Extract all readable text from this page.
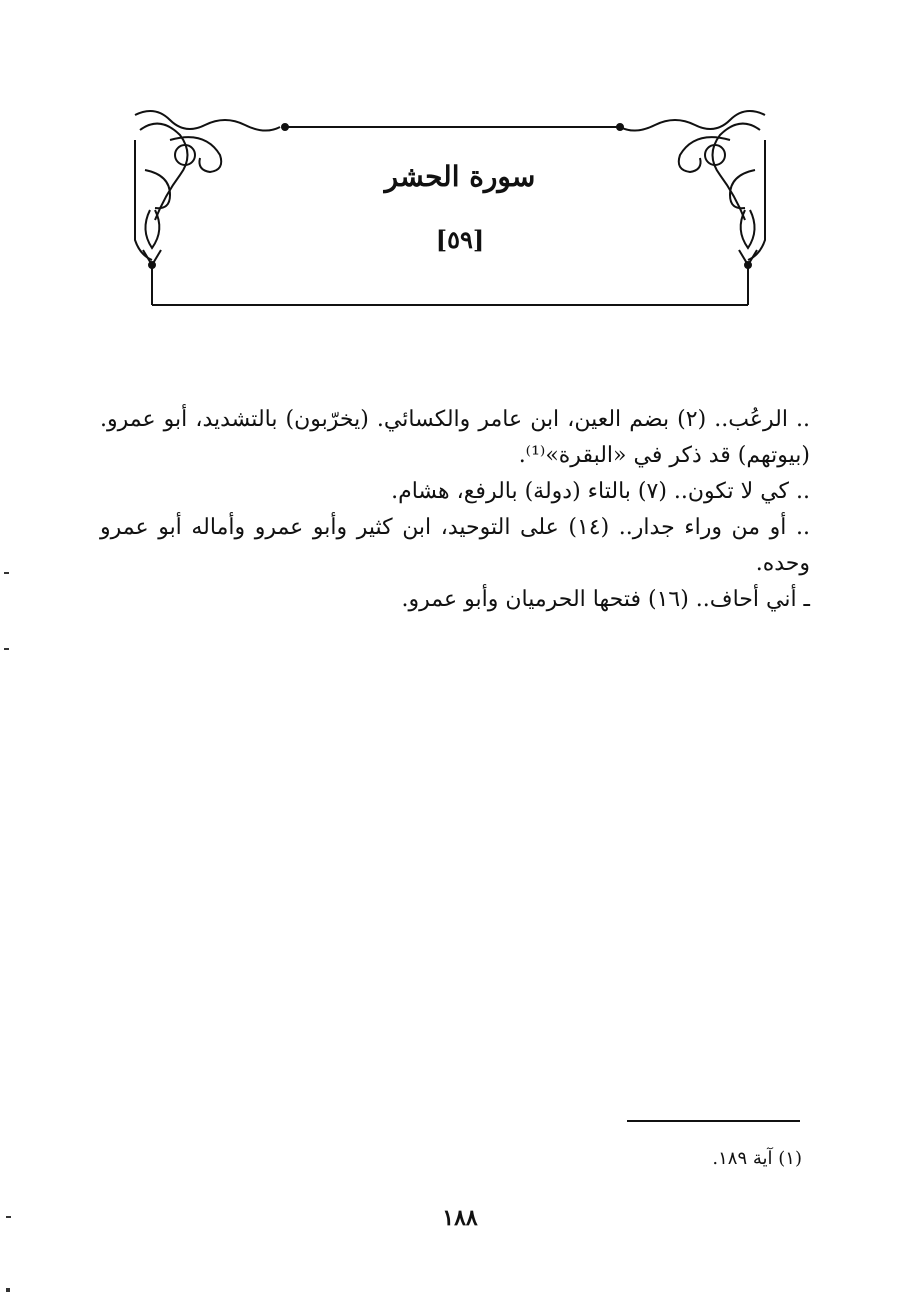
سورة الحشر
[٥٩]

.. الرعُب.. (٢) بضم العين، ابن عامر والكسائي. (يخرّبون) بالتشديد، أبو عمرو. (بيوتهم) قد ذكر في «البقرة»⁽¹⁾.

.. كي لا تكون.. (٧) بالتاء (دولة) بالرفع، هشام.

.. أو من وراء جدار.. (١٤) على التوحيد، ابن كثير وأبو عمرو وأماله أبو عمرو وحده.

ـ أني أحاف.. (١٦) فتحها الحرميان وأبو عمرو.

(١) آية ١٨٩.
١٨٨
